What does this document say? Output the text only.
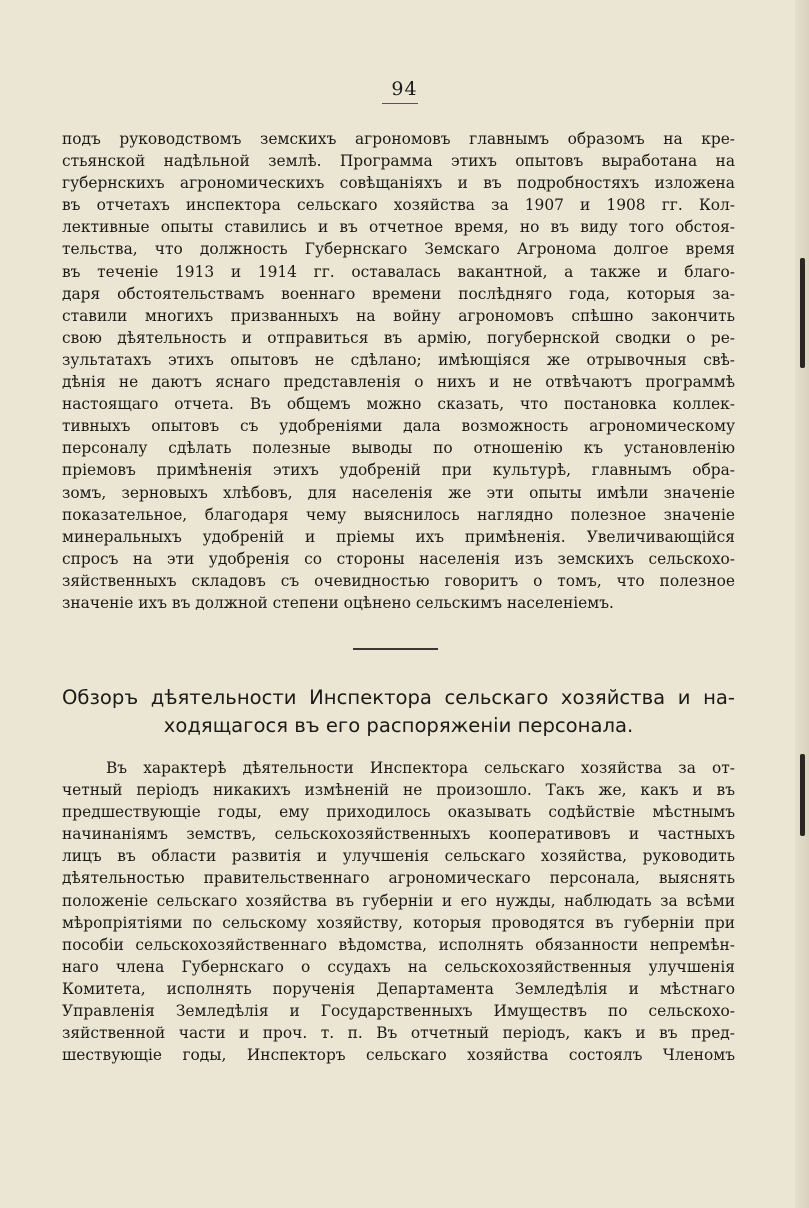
94
подъ руководствомъ земскихъ агрономовъ главнымъ образомъ на кре-
стьянской надѣльной землѣ. Программа этихъ опытовъ выработана на
губернскихъ агрономическихъ совѣщаніяхъ и въ подробностяхъ изложена
въ отчетахъ инспектора сельскаго хозяйства за 1907 и 1908 гг. Кол-
лективные опыты ставились и въ отчетное время, но въ виду того обстоя-
тельства, что должность Губернскаго Земскаго Агронома долгое время
въ теченіе 1913 и 1914 гг. оставалась вакантной, а также и благо-
даря обстоятельствамъ военнаго времени послѣдняго года, которыя за-
ставили многихъ призванныхъ на войну агрономовъ спѣшно закончить
свою дѣятельность и отправиться въ армію, погубернской сводки о ре-
зультатахъ этихъ опытовъ не сдѣлано; имѣющіяся же отрывочныя свѣ-
дѣнія не даютъ яснаго представленія о нихъ и не отвѣчаютъ программѣ
настоящаго отчета. Въ общемъ можно сказать, что постановка коллек-
тивныхъ опытовъ съ удобреніями дала возможность агрономическому
персоналу сдѣлать полезные выводы по отношенію къ установленію
пріемовъ примѣненія этихъ удобреній при культурѣ, главнымъ обра-
зомъ, зерновыхъ хлѣбовъ, для населенія же эти опыты имѣли значеніе
показательное, благодаря чему выяснилось наглядно полезное значеніе
минеральныхъ удобреній и пріемы ихъ примѣненія. Увеличивающійся
спросъ на эти удобренія со стороны населенія изъ земскихъ сельскохо-
зяйственныхъ складовъ съ очевидностью говоритъ о томъ, что полезное
значеніе ихъ въ должной степени оцѣнено сельскимъ населеніемъ.
Обзоръ дѣятельности Инспектора сельскаго хозяйства и на-
ходящагося въ его распоряженіи персонала.
Въ характерѣ дѣятельности Инспектора сельскаго хозяйства за от-
четный періодъ никакихъ измѣненій не произошло. Такъ же, какъ и въ
предшествующіе годы, ему приходилось оказывать содѣйствіе мѣстнымъ
начинаніямъ земствъ, сельскохозяйственныхъ кооперативовъ и частныхъ
лицъ въ области развитія и улучшенія сельскаго хозяйства, руководить
дѣятельностью правительственнаго агрономическаго персонала, выяснять
положеніе сельскаго хозяйства въ губерніи и его нужды, наблюдать за всѣми
мѣропріятіями по сельскому хозяйству, которыя проводятся въ губерніи при
пособіи сельскохозяйственнаго вѣдомства, исполнять обязанности непремѣн-
наго члена Губернскаго о ссудахъ на сельскохозяйственныя улучшенія
Комитета, исполнять порученія Департамента Земледѣлія и мѣстнаго
Управленія Земледѣлія и Государственныхъ Имуществъ по сельскохо-
зяйственной части и проч. т. п. Въ отчетный періодъ, какъ и въ пред-
шествующіе годы, Инспекторъ сельскаго хозяйства состоялъ Членомъ
